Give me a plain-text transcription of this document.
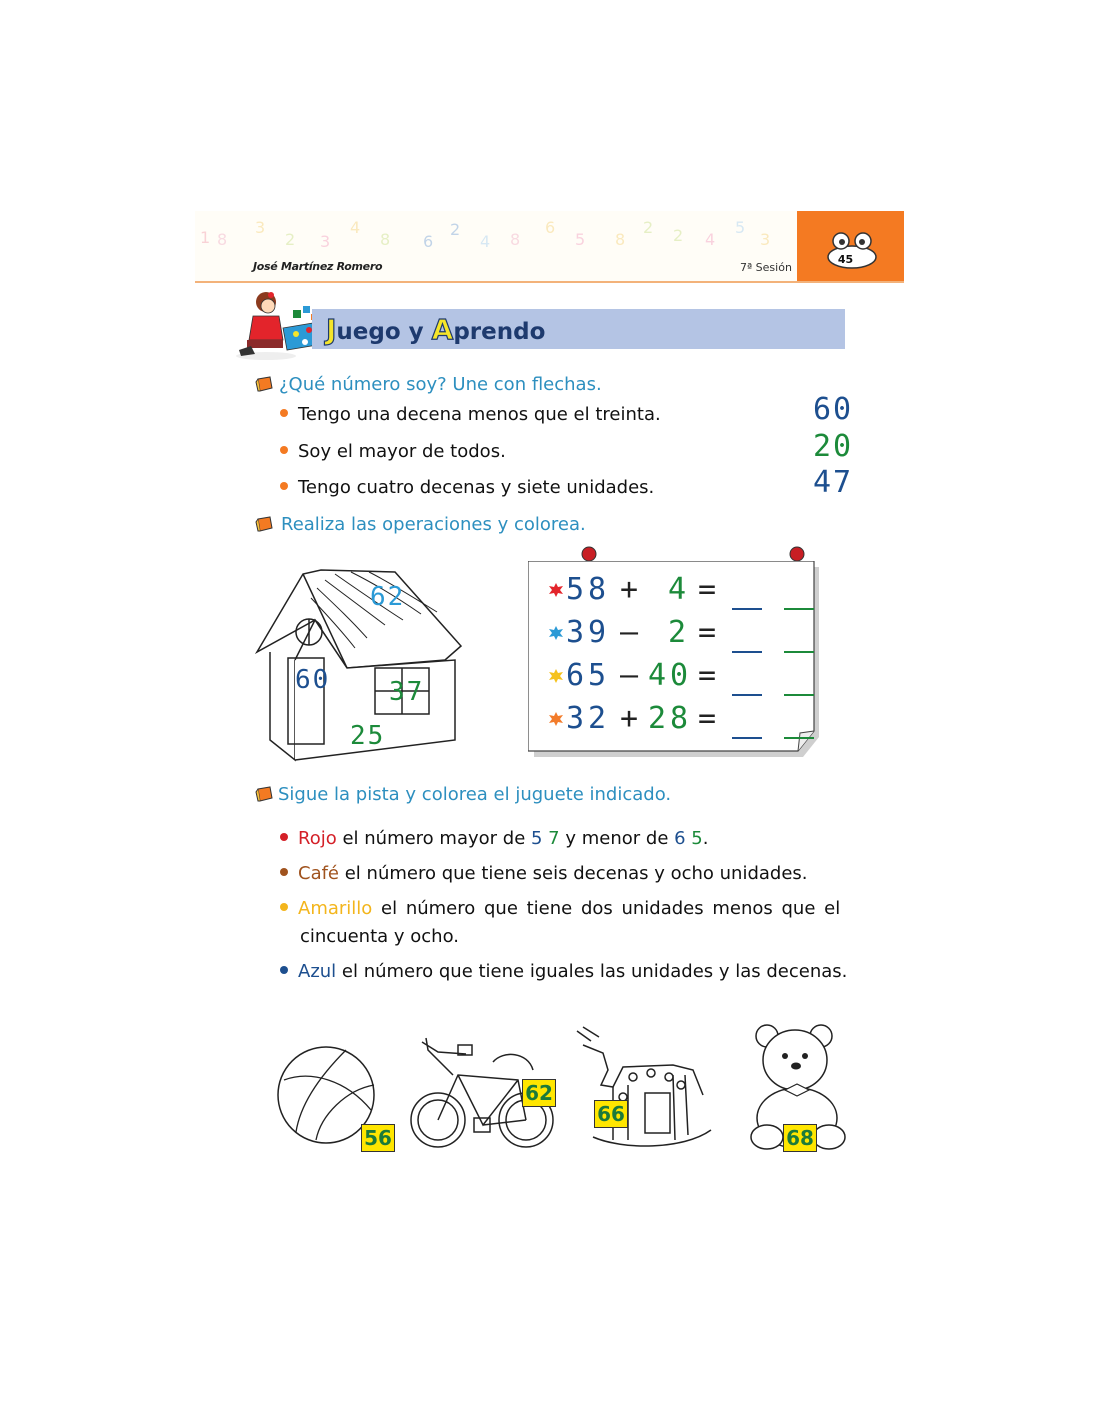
1 8
3
2 3
4
8 6
2
4 8
6
5 8
2 2 4
5
3
José Martínez Romero	7ª Sesión
45
Juego y Aprendo
¿Qué número soy? Une con flechas.
Tengo una decena menos que el treinta.
Soy el mayor de todos.
Tengo cuatro decenas y siete unidades.
60
20
47
Realiza las operaciones y colorea.
62
60 37
25
58 + 4 =
39 – 2 =
65 – 40 =
32 + 28 =
Sigue la pista y colorea el juguete indicado.
Rojo el número mayor de 5 7 y menor de 6 5.
Café el número que tiene seis decenas y ocho unidades.
Amarillo el número que tiene dos unidades menos que el
cincuenta y ocho.
Azul el número que tiene iguales las unidades y las decenas.
56
62
66
68
